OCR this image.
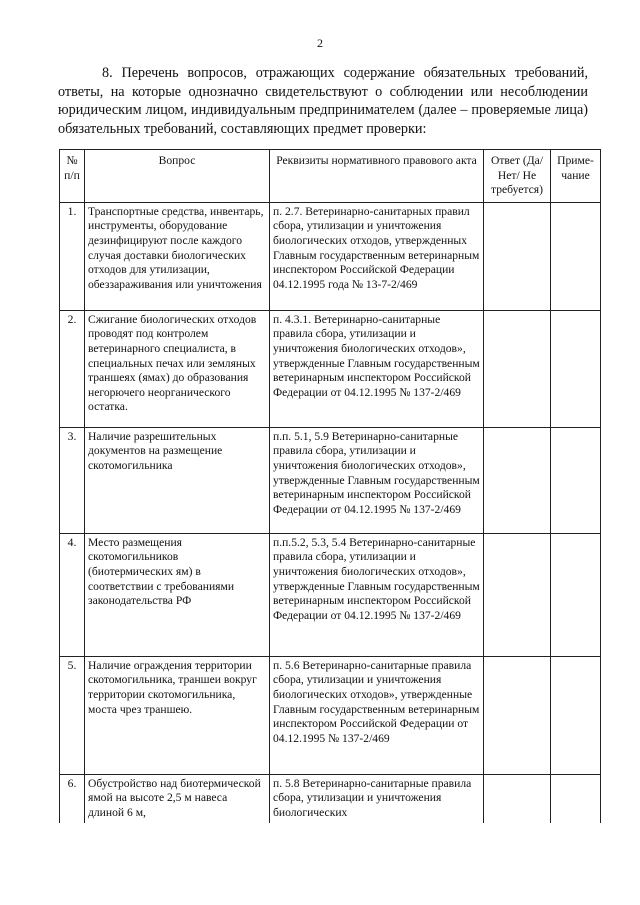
2

8. Перечень вопросов, отражающих содержание обязательных требований, ответы, на которые однозначно свидетельствуют о соблюдении или несоблюдении юридическим лицом, индивидуальным предпринимателем (далее – проверяемые лица) обязательных требований, составляющих предмет проверки:

№ п/п	Вопрос	Реквизиты нормативного правового акта	Ответ (Да/ Нет/ Не требуется)	Приме-чание
1.	Транспортные средства, инвентарь, инструменты, оборудование дезинфицируют после каждого случая доставки биологических отходов для утилизации, обеззараживания или уничтожения	п. 2.7. Ветеринарно-санитарных правил сбора, утилизации и уничтожения биологических отходов, утвержденных Главным государственным ветеринарным инспектором Российской Федерации 04.12.1995 года № 13-7-2/469		
2.	Сжигание биологических отходов проводят под контролем ветеринарного специалиста, в специальных печах или земляных траншеях (ямах) до образования негорючего неорганического остатка.	п. 4.3.1. Ветеринарно-санитарные правила сбора, утилизации и уничтожения биологических отходов», утвержденные Главным государственным ветеринарным инспектором Российской Федерации от 04.12.1995 № 137-2/469		
3.	Наличие разрешительных документов на размещение скотомогильника	п.п. 5.1, 5.9 Ветеринарно-санитарные правила сбора, утилизации и уничтожения биологических отходов», утвержденные Главным государственным ветеринарным инспектором Российской Федерации от 04.12.1995 № 137-2/469		
4.	Место размещения скотомогильников (биотермических ям) в соответствии с требованиями законодательства РФ	п.п.5.2, 5.3, 5.4 Ветеринарно-санитарные правила сбора, утилизации и уничтожения биологических отходов», утвержденные Главным государственным ветеринарным инспектором Российской Федерации от 04.12.1995 № 137-2/469		
5.	Наличие ограждения территории скотомогильника, траншеи вокруг территории скотомогильника, моста чрез траншею.	п. 5.6 Ветеринарно-санитарные правила сбора, утилизации и уничтожения биологических отходов», утвержденные Главным государственным ветеринарным инспектором Российской Федерации от 04.12.1995 № 137-2/469		
6.	Обустройство над биотермической ямой на высоте 2,5 м навеса длиной 6 м,	п. 5.8 Ветеринарно-санитарные правила сбора, утилизации и уничтожения биологических		
